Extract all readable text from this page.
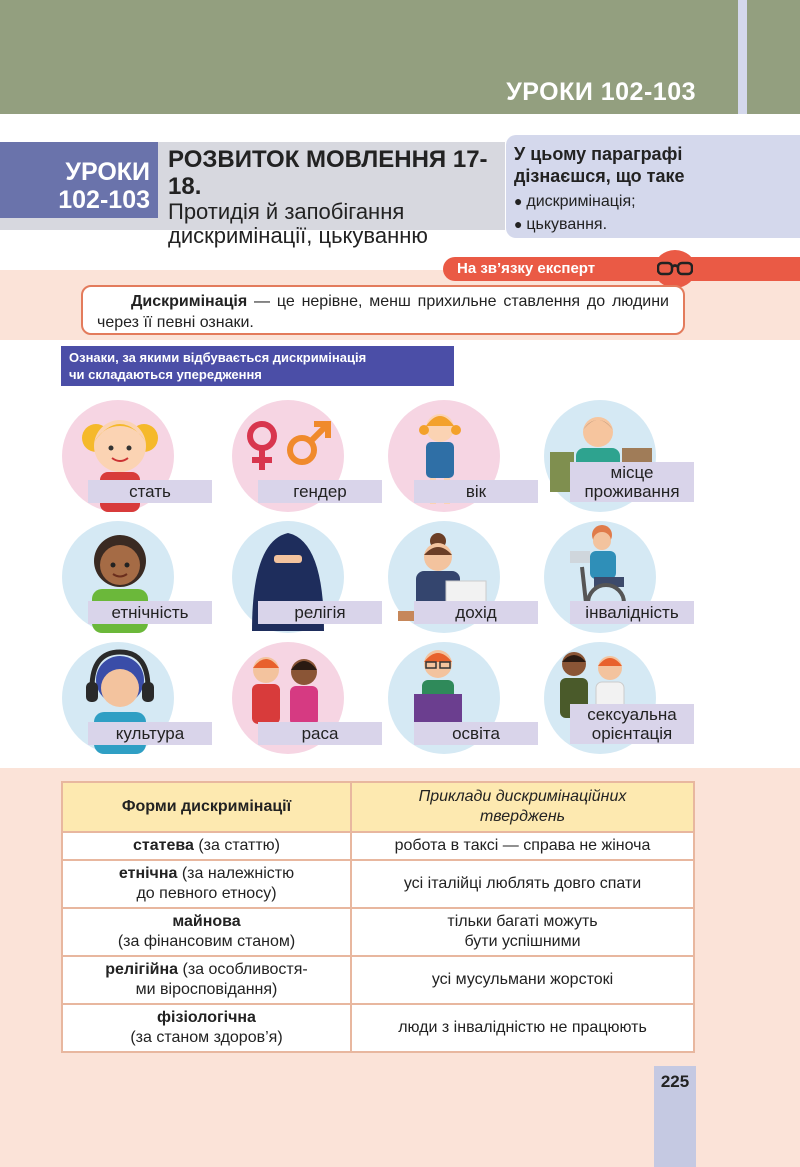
УРОКИ 102-103
УРОКИ
102-103
РОЗВИТОК МОВЛЕННЯ 17-18.
Протидія й запобігання
дискримінації, цькуванню
У цьому параграфі
дізнаєшся, що таке
● дискримінація;
● цькування.
На зв’язку експерт
Дискримінація — це нерівне, менш прихильне ставлення до людини через її певні ознаки.
Ознаки, за якими відбувається дискримінація
чи складаються упередження
стать	гендер	вік
місце
проживання
етнічність	релігія	дохід	інвалідність
культура	раса	освіта
сексуальна
орієнтація
Форми дискримінації	Приклади дискримінаційних
тверджень

статева (за статтю)	робота в таксі — справа не жіноча
етнічна (за належністю
до певного етносу)	усі італійці люблять довго спати
майнова
(за фінансовим станом)	тільки багаті можуть
бути успішними
релігійна (за особливостя-
ми віросповідання)	усі мусульмани жорстокі
фізіологічна
(за станом здоров’я)	люди з інвалідністю не працюють
225
